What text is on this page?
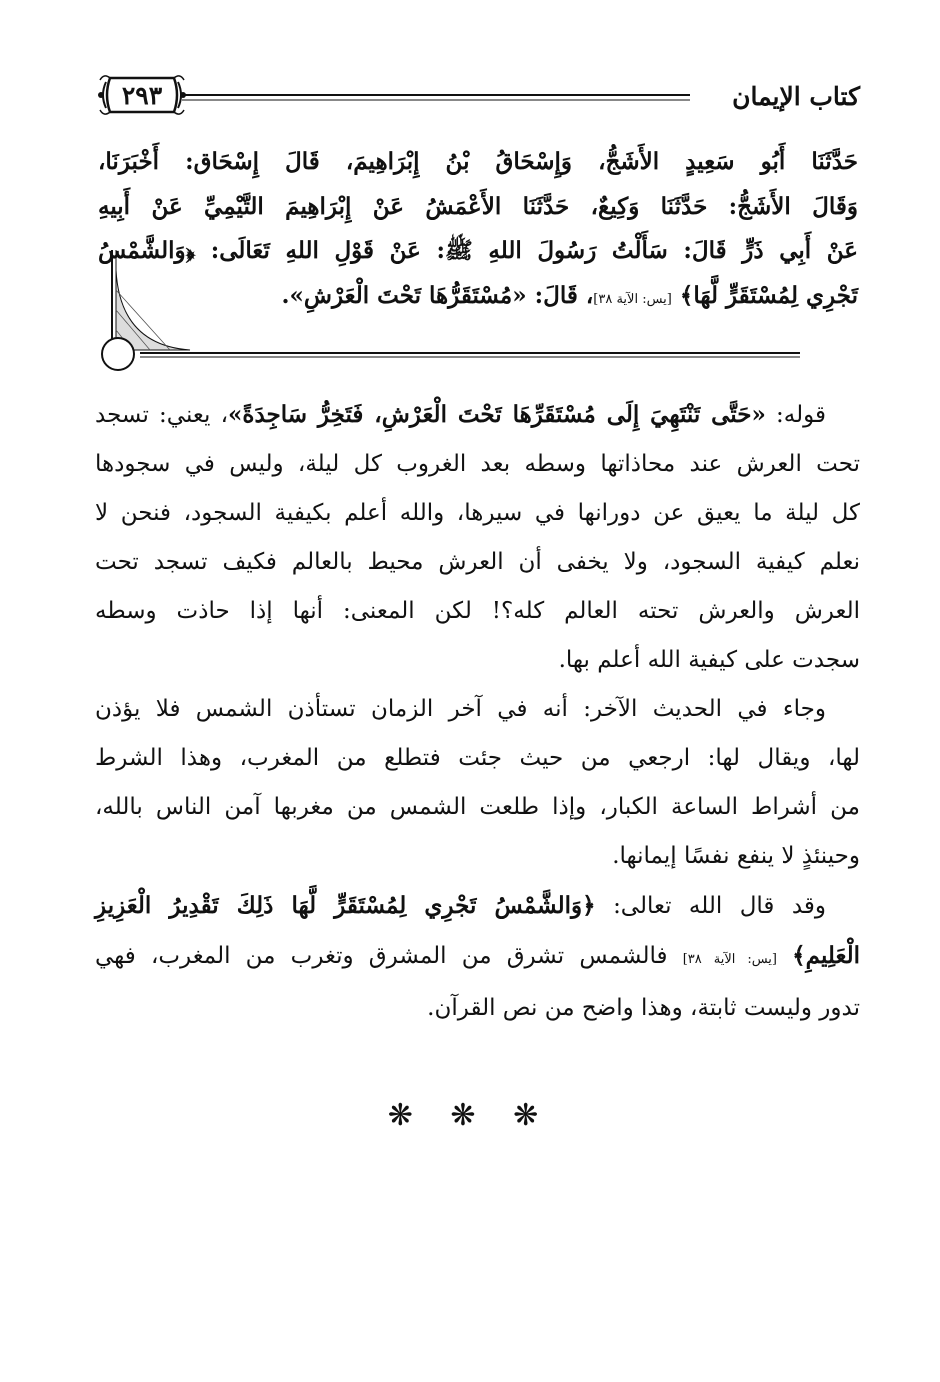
كتاب الإيمان
٢٩٣

حَدَّثَنَا أَبُو سَعِيدٍ الأَشَجُّ، وَإِسْحَاقُ بْنُ إِبْرَاهِيمَ، قَالَ إِسْحَاق: أَخْبَرَنَا،

وَقَالَ الأَشَجُّ: حَدَّثَنَا وَكِيعٌ، حَدَّثَنَا الأَعْمَشُ عَنْ إِبْرَاهِيمَ التَّيْمِيِّ عَنْ أَبِيهِ

عَنْ أَبِي ذَرٍّ قَالَ: سَأَلْتُ رَسُولَ اللهِ ﷺ: عَنْ قَوْلِ اللهِ تَعَالَى: ﴿وَالشَّمْسُ

تَجْرِي لِمُسْتَقَرٍّ لَّهَا﴾ [يس: الآية ٣٨]، قَالَ: «مُسْتَقَرُّهَا تَحْتَ الْعَرْشِ».

قوله: «حَتَّى تَنْتَهِيَ إِلَى مُسْتَقَرِّهَا تَحْتَ الْعَرْشِ، فَتَخِرُّ سَاجِدَةً»، يعني: تسجد

تحت العرش عند محاذاتها وسطه بعد الغروب كل ليلة، وليس في سجودها

كل ليلة ما يعيق عن دورانها في سيرها، والله أعلم بكيفية السجود، فنحن لا

نعلم كيفية السجود، ولا يخفى أن العرش محيط بالعالم فكيف تسجد تحت

العرش والعرش تحته العالم كله؟! لكن المعنى: أنها إذا حاذت وسطه

سجدت على كيفية الله أعلم بها.

وجاء في الحديث الآخر: أنه في آخر الزمان تستأذن الشمس فلا يؤذن

لها، ويقال لها: ارجعي من حيث جئت فتطلع من المغرب، وهذا الشرط

من أشراط الساعة الكبار، وإذا طلعت الشمس من مغربها آمن الناس بالله،

وحينئذٍ لا ينفع نفسًا إيمانها.

وقد قال الله تعالى: ﴿وَالشَّمْسُ تَجْرِي لِمُسْتَقَرٍّ لَّهَا ذَلِكَ تَقْدِيرُ الْعَزِيزِ

الْعَلِيمِ﴾ [يس: الآية ٣٨] فالشمس تشرق من المشرق وتغرب من المغرب، فهي

تدور وليست ثابتة، وهذا واضح من نص القرآن.

❋ ❋ ❋
